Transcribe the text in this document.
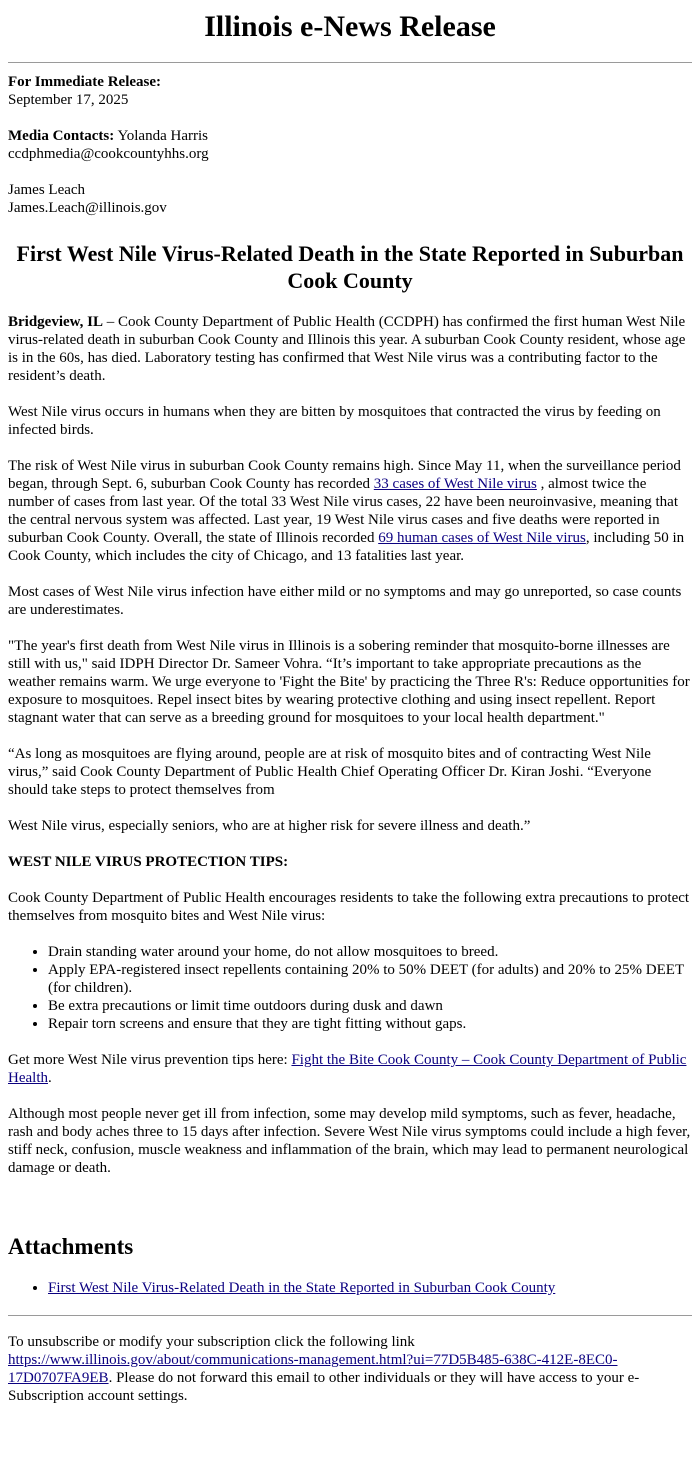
Illinois e-News Release

For Immediate Release:
September 17, 2025

Media Contacts: Yolanda Harris
ccdphmedia@cookcountyhhs.org

James Leach
James.Leach@illinois.gov

First West Nile Virus-Related Death in the State Reported in Suburban Cook County

Bridgeview, IL – Cook County Department of Public Health (CCDPH) has confirmed the first human West Nile virus-related death in suburban Cook County and Illinois this year. A suburban Cook County resident, whose age is in the 60s, has died. Laboratory testing has confirmed that West Nile virus was a contributing factor to the resident’s death.

West Nile virus occurs in humans when they are bitten by mosquitoes that contracted the virus by feeding on infected birds.

The risk of West Nile virus in suburban Cook County remains high. Since May 11, when the surveillance period began, through Sept. 6, suburban Cook County has recorded 33 cases of West Nile virus , almost twice the number of cases from last year. Of the total 33 West Nile virus cases, 22 have been neuroinvasive, meaning that the central nervous system was affected. Last year, 19 West Nile virus cases and five deaths were reported in suburban Cook County. Overall, the state of Illinois recorded 69 human cases of West Nile virus, including 50 in Cook County, which includes the city of Chicago, and 13 fatalities last year.

Most cases of West Nile virus infection have either mild or no symptoms and may go unreported, so case counts are underestimates.

"The year's first death from West Nile virus in Illinois is a sobering reminder that mosquito-borne illnesses are still with us," said IDPH Director Dr. Sameer Vohra. “It’s important to take appropriate precautions as the weather remains warm. We urge everyone to 'Fight the Bite' by practicing the Three R's: Reduce opportunities for exposure to mosquitoes. Repel insect bites by wearing protective clothing and using insect repellent. Report stagnant water that can serve as a breeding ground for mosquitoes to your local health department."

“As long as mosquitoes are flying around, people are at risk of mosquito bites and of contracting West Nile virus,” said Cook County Department of Public Health Chief Operating Officer Dr. Kiran Joshi. “Everyone should take steps to protect themselves from

West Nile virus, especially seniors, who are at higher risk for severe illness and death.”

WEST NILE VIRUS PROTECTION TIPS:

Cook County Department of Public Health encourages residents to take the following extra precautions to protect themselves from mosquito bites and West Nile virus:

• Drain standing water around your home, do not allow mosquitoes to breed.
• Apply EPA-registered insect repellents containing 20% to 50% DEET (for adults) and 20% to 25% DEET (for children).
• Be extra precautions or limit time outdoors during dusk and dawn
• Repair torn screens and ensure that they are tight fitting without gaps.

Get more West Nile virus prevention tips here: Fight the Bite Cook County – Cook County Department of Public Health.

Although most people never get ill from infection, some may develop mild symptoms, such as fever, headache, rash and body aches three to 15 days after infection. Severe West Nile virus symptoms could include a high fever, stiff neck, confusion, muscle weakness and inflammation of the brain, which may lead to permanent neurological damage or death.

Attachments
• First West Nile Virus-Related Death in the State Reported in Suburban Cook County

To unsubscribe or modify your subscription click the following link https://www.illinois.gov/about/communications-management.html?ui=77D5B485-638C-412E-8EC0-17D0707FA9EB. Please do not forward this email to other individuals or they will have access to your e-Subscription account settings.
